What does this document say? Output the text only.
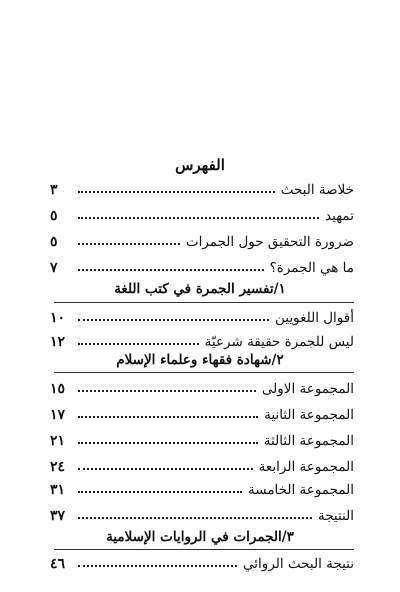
الفهرس
خلاصة البحث
٣
تمهيد
٥
ضرورة التحقيق حول الجمرات
٥
ما هي الجمرة؟
٧
١/تفسير الجمرة في كتب اللغة
أقوال اللغويين
١٠
ليس للجمرة حقيقة شرعيّة
١٢
٢/شهادة فقهاء وعلماء الإسلام
المجموعة الاولى
١٥
المجموعة الثانية
١٧
المجموعة الثالثة
٢١
المجموعة الرابعة
٢٤
المجموعة الخامسة
٣١
النتيجة
٣٧
٣/الجمرات في الروايات الإسلامية
نتيجة البحث الروائي
٤٦
